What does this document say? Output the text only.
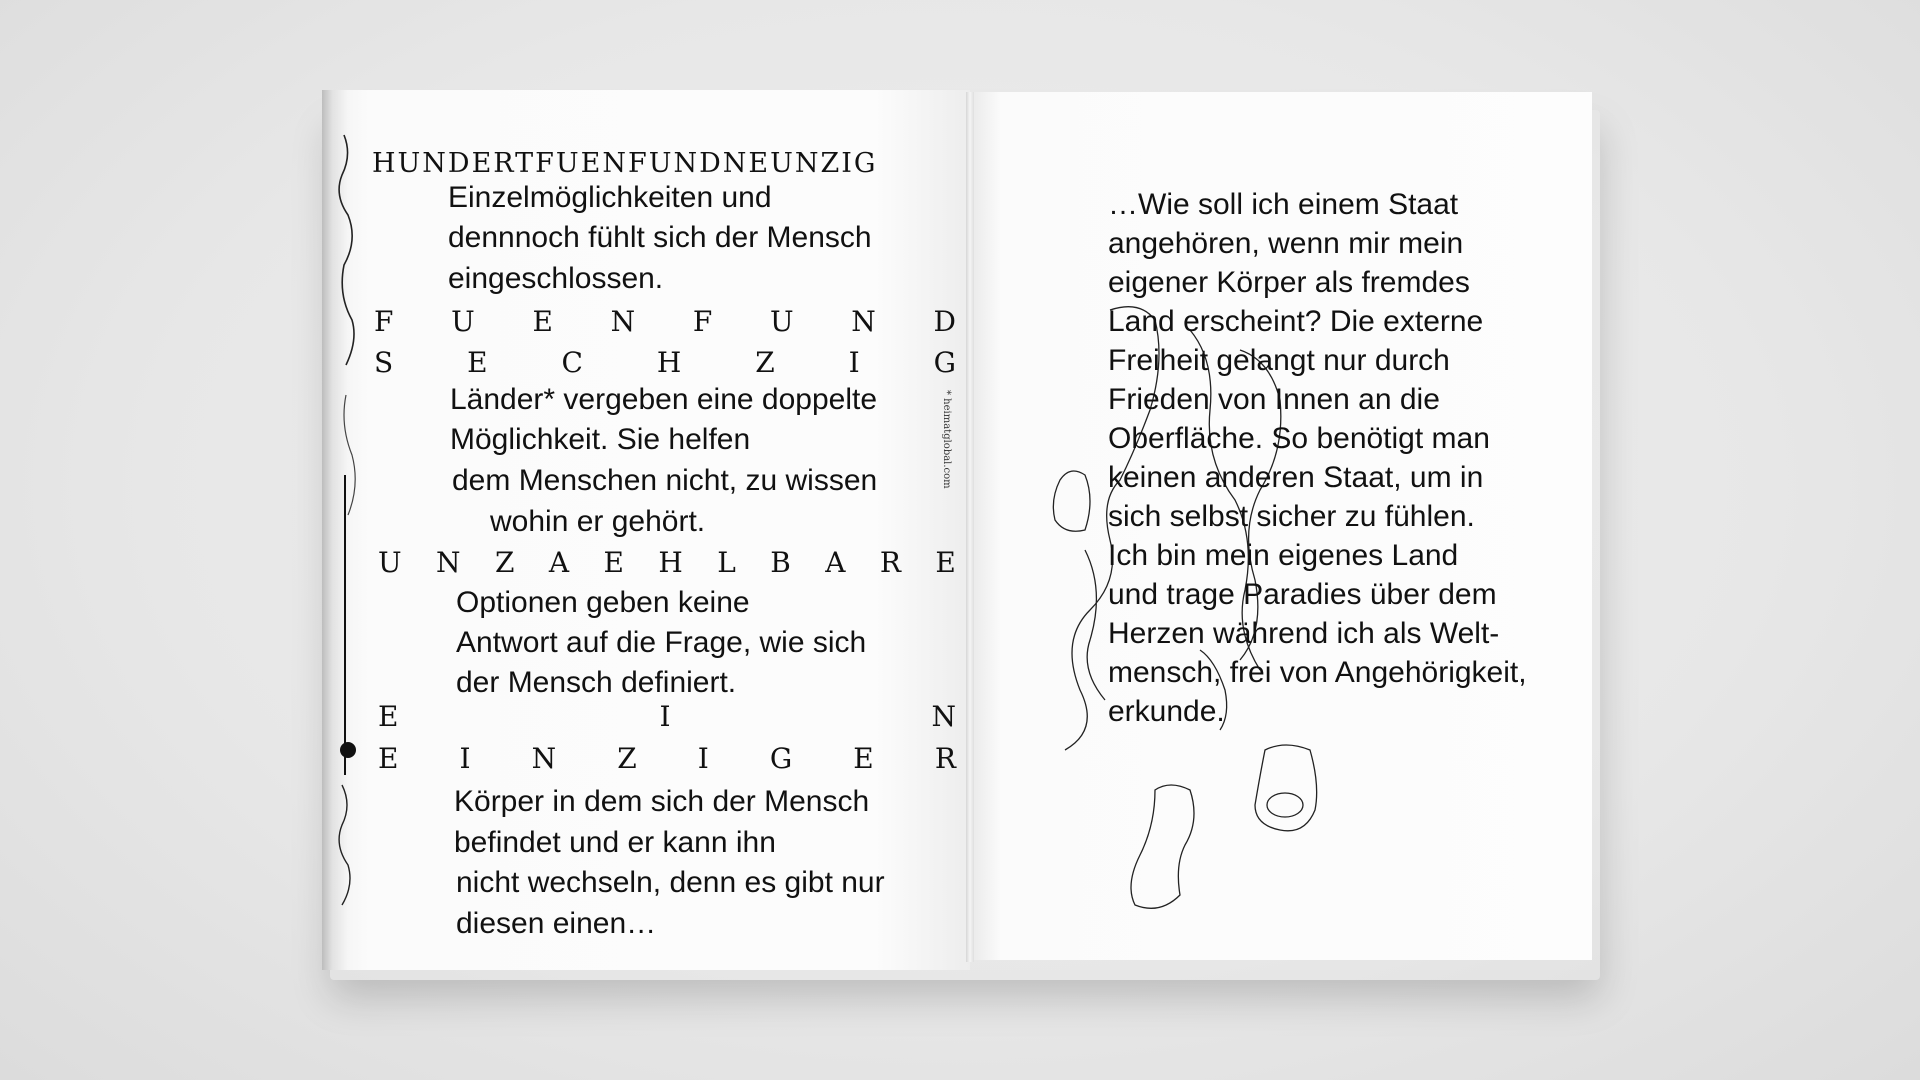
HUNDERTFUENFUNDNEUNZIG
Einzelmöglichkeiten und
dennnoch fühlt sich der Mensch
eingeschlossen.
F U E N F U N D
S	E	C	H	Z	I	G
Länder* vergeben eine doppelte
Möglichkeit. Sie helfen
dem Menschen nicht, zu wissen
wohin er gehört.
U N Z A E H L B A R E
Optionen geben keine
Antwort auf die Frage, wie sich
der Mensch definiert.
E	I	N
E I N Z I G E R
Körper in dem sich der Mensch
befindet und er kann ihn
nicht wechseln, denn es gibt nur
diesen einen…
* heimatglobal.com
…Wie soll ich einem Staat
angehören, wenn mir mein
eigener Körper als fremdes
Land erscheint? Die externe
Freiheit gelangt nur durch
Frieden von Innen an die
Oberfläche. So benötigt man
keinen anderen Staat, um in
sich selbst sicher zu fühlen.
Ich bin mein eigenes Land
und trage Paradies über dem
Herzen während ich als Welt-
mensch, frei von Angehörigkeit,
erkunde.
